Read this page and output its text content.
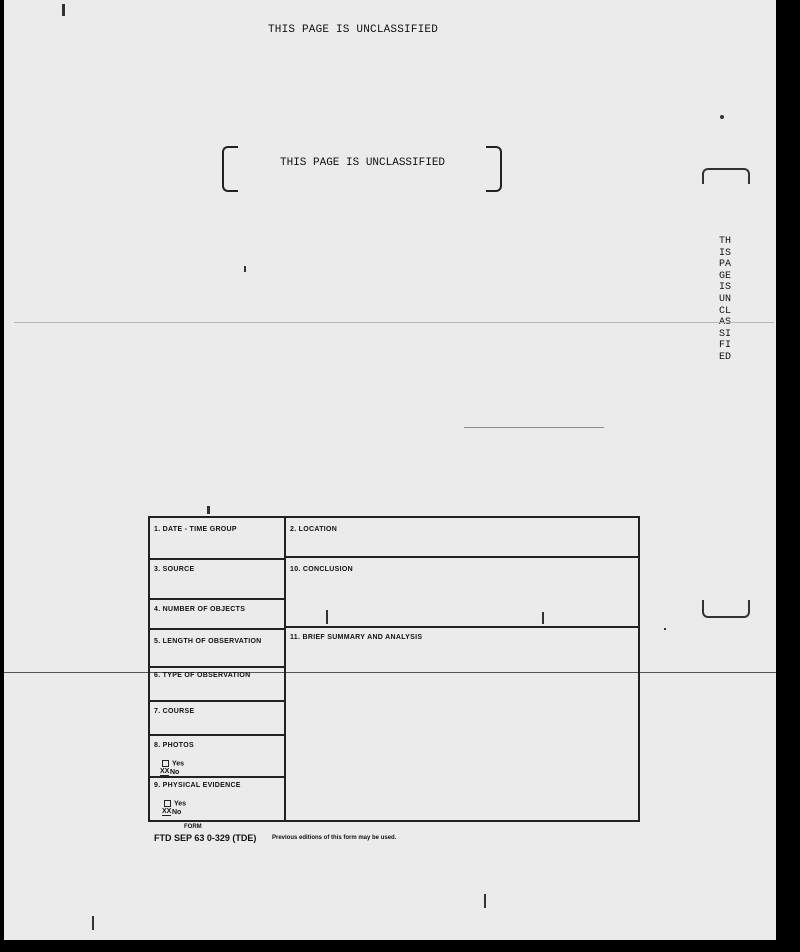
THIS PAGE IS UNCLASSIFIED
THIS PAGE IS UNCLASSIFIED
THIS PAGE IS UNCL SIFIED
1. DATE - TIME GROUP	2. LOCATION
3. SOURCE	10. CONCLUSION
4. NUMBER OF OBJECTS
5. LENGTH OF OBSERVATION
11. BRIEF SUMMARY AND ANALYSIS
6. TYPE OF OBSERVATION
7. COURSE
8. PHOTOS
Yes
XXNo
9. PHYSICAL EVIDENCE
Yes
XXNo
FORM
FTD SEP 63 0-329 (TDE)	Previous editions of this form may be used.
